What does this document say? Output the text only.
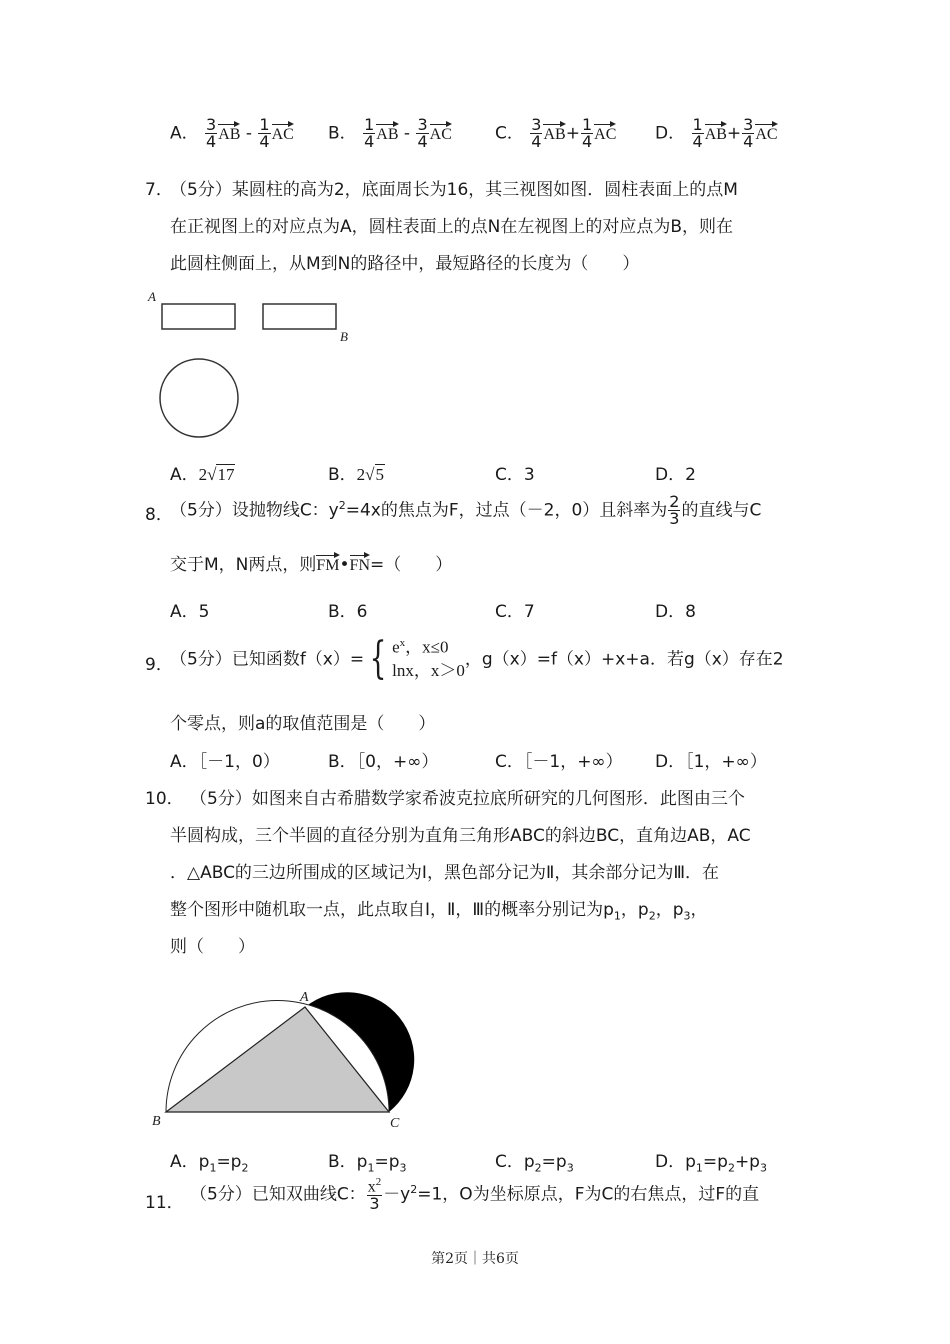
A． $\frac{3}{4}$ AB - $\frac{1}{4}$ AC B． $\frac{1}{4}$ AB - $\frac{3}{4}$ AC	C． $\frac{3}{4} AB+ \frac{1}{4}$ AC D． $\frac{1}{4} AB+ \frac{3}{4}$ AC
7．
（5分）某圆柱的高为2，底面周长为16，其三视图如图．圆柱表面上的点M
在正视图上的对应点为A，圆柱表面上的点N在左视图上的对应点为B，则在
此圆柱侧面上，从M到N的路径中，最短路径的长度为（　　）
A
B
A．2√17	B．2√5	C．3	D．2
8．
（5分）设抛物线C：$y^2=4x$的焦点为F，过点（－2，0）且斜率为 $\frac{2}{3}$ 的直线与C
交于M，N两点，则FM•FN=（　　）
A．5	B．6	C．7	D．8
9．
（5分）已知函数f（x）= { $e^x$，x≤0
lnx，x＞0，g（x）=f（x）+x+a．若g（x）存在2
个零点，则a的取值范围是（　　）
A．［－1，0）	B．［0，+∞）	C．［－1，+∞） D．［1，+∞）
10． （5分）如图来自古希腊数学家希波克拉底所研究的几何图形．此图由三个
半圆构成，三个半圆的直径分别为直角三角形ABC的斜边BC，直角边AB，AC
．△ABC的三边所围成的区域记为I，黑色部分记为Ⅱ，其余部分记为Ⅲ．在
整个图形中随机取一点，此点取自Ⅰ，Ⅱ，Ⅲ的概率分别记为$p_1$，$p_2$，$p_3$，
则（　　）
A
B	C
A．$p_1=p_2$	B．$p_1=p_3$	C．$p_2=p_3$	D．$p_1=p_2+p_3$
11． （5分）已知双曲线C： $\frac{x^2}{3} -y^2=1$，O为坐标原点，F为C的右焦点，过F的直
第2页｜共6页
